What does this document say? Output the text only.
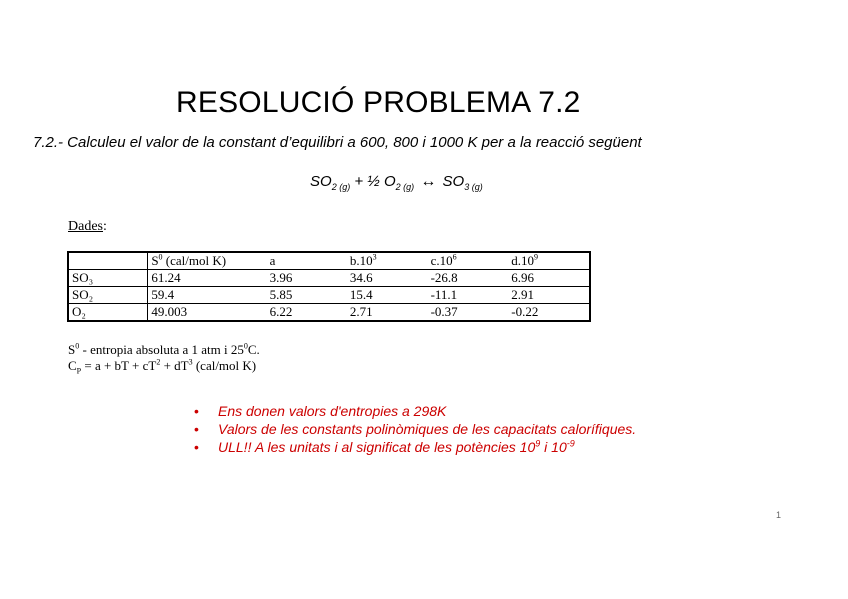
RESOLUCIÓ PROBLEMA 7.2
7.2.- Calculeu el valor de la constant d’equilibri a 600, 800 i 1000 K per a la reacció següent
$SO_{2 (g)}$ + ½ $O_{2 (g)}$ ↔ $SO_{3 (g)}$
Dades:
	$S^0$ (cal/mol K)	a	$b.10^3$	$c.10^6$	$d.10^9$
SO₃	61.24	3.96	34.6	-26.8	6.96
SO₂	59.4	5.85	15.4	-11.1	2.91
O₂	49.003	6.22	2.71	-0.37	-0.22
$S^0$ - entropia absoluta a 1 atm i $25^0C$.
$C_P = a$ + bT + $cT^2 + dT^3$ (cal/mol K)
• Ens donen valors d'entropies a 298K
• Valors de les constants polinòmiques de les capacitats calorífiques.
• ULL!! A les unitats i al significat de les potències $10^9$ i $10^{-9}$
1
